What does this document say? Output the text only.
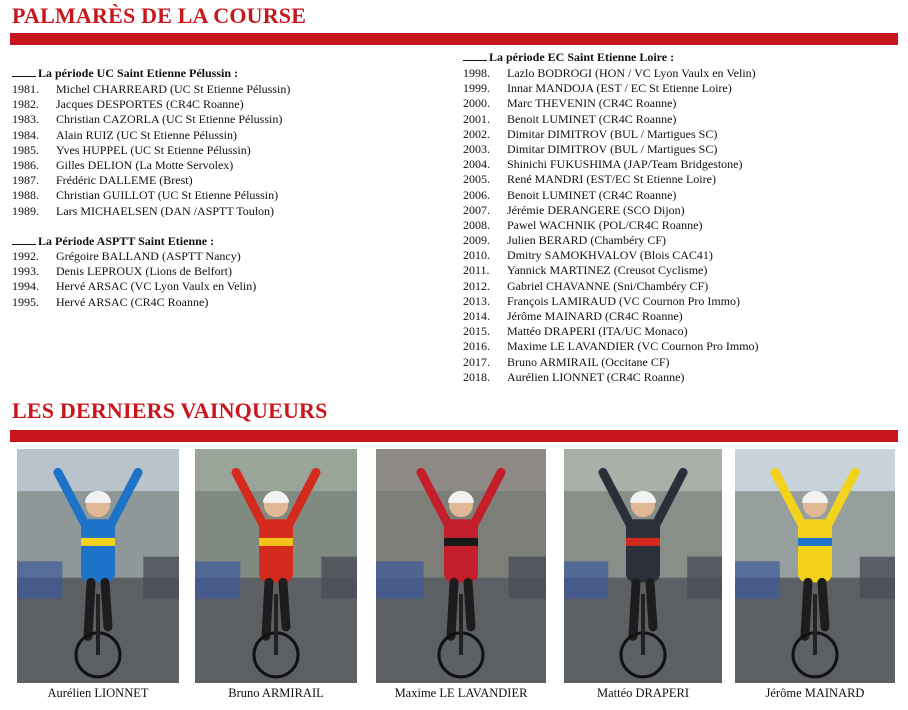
PALMARÈS DE LA COURSE
La période UC Saint Etienne Pélussin :
1981. Michel CHARREARD (UC St Etienne Pélussin)
1982. Jacques DESPORTES (CR4C Roanne)
1983. Christian CAZORLA (UC St Etienne Pélussin)
1984. Alain RUIZ (UC St Etienne Pélussin)
1985. Yves HUPPEL (UC St Etienne Pélussin)
1986. Gilles DELION (La Motte Servolex)
1987. Frédéric DALLEME (Brest)
1988. Christian GUILLOT (UC St Etienne Pélussin)
1989. Lars MICHAELSEN (DAN /ASPTT Toulon)
La Période ASPTT Saint Etienne :
1992. Grégoire BALLAND (ASPTT Nancy)
1993. Denis LEPROUX (Lions de Belfort)
1994. Hervé ARSAC (VC Lyon Vaulx en Velin)
1995. Hervé ARSAC (CR4C Roanne)
La période EC Saint Etienne Loire :
1998. Lazlo BODROGI (HON / VC Lyon Vaulx en Velin)
1999. Innar MANDOJA (EST / EC St Etienne Loire)
2000. Marc THEVENIN (CR4C Roanne)
2001. Benoit LUMINET (CR4C Roanne)
2002. Dimitar DIMITROV (BUL / Martigues SC)
2003. Dimitar DIMITROV (BUL / Martigues SC)
2004. Shinichi FUKUSHIMA (JAP/Team Bridgestone)
2005. René MANDRI (EST/EC St Etienne Loire)
2006. Benoit LUMINET (CR4C Roanne)
2007. Jérémie DERANGERE (SCO Dijon)
2008. Pawel WACHNIK (POL/CR4C Roanne)
2009. Julien BERARD (Chambéry CF)
2010. Dmitry SAMOKHVALOV (Blois CAC41)
2011. Yannick MARTINEZ (Creusot Cyclisme)
2012. Gabriel CHAVANNE (Sni/Chambéry CF)
2013. François LAMIRAUD (VC Cournon Pro Immo)
2014. Jérôme MAINARD (CR4C Roanne)
2015. Mattéo DRAPERI (ITA/UC Monaco)
2016. Maxime LE LAVANDIER (VC Cournon Pro Immo)
2017. Bruno ARMIRAIL (Occitane CF)
2018. Aurélien LIONNET (CR4C Roanne)
LES DERNIERS VAINQUEURS
Aurélien LIONNET	Bruno ARMIRAIL	Maxime LE LAVANDIER	Mattéo DRAPERI	Jérôme MAINARD
